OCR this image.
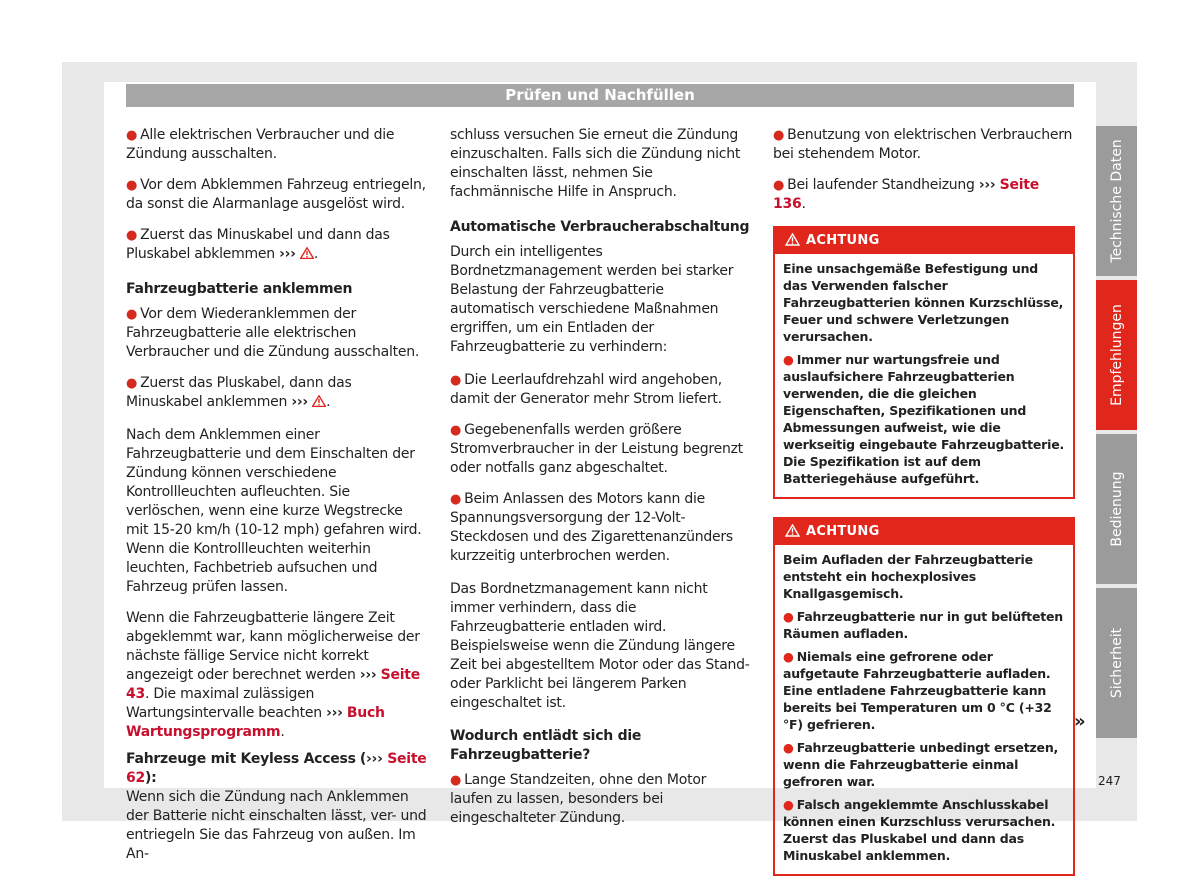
Prüfen und Nachfüllen

● Alle elektrischen Verbraucher und die Zündung ausschalten.

● Vor dem Abklemmen Fahrzeug entriegeln, da sonst die Alarmanlage ausgelöst wird.

● Zuerst das Minuskabel und dann das Pluskabel abklemmen ››› .

Fahrzeugbatterie anklemmen

● Vor dem Wiederanklemmen der Fahrzeugbatterie alle elektrischen Verbraucher und die Zündung ausschalten.

● Zuerst das Pluskabel, dann das Minuskabel anklemmen ››› .

Nach dem Anklemmen einer Fahrzeugbatterie und dem Einschalten der Zündung können verschiedene Kontrollleuchten aufleuchten. Sie verlöschen, wenn eine kurze Wegstrecke mit 15-20 km/h (10-12 mph) gefahren wird. Wenn die Kontrollleuchten weiterhin leuchten, Fachbetrieb aufsuchen und Fahrzeug prüfen lassen.

Wenn die Fahrzeugbatterie längere Zeit abgeklemmt war, kann möglicherweise der nächste fällige Service nicht korrekt angezeigt oder berechnet werden ››› Seite 43. Die maximal zulässigen Wartungsintervalle beachten ››› Buch Wartungsprogramm.

Fahrzeuge mit Keyless Access (››› Seite 62):
Wenn sich die Zündung nach Anklemmen der Batterie nicht einschalten lässt, ver- und entriegeln Sie das Fahrzeug von außen. Im An-

schluss versuchen Sie erneut die Zündung einzuschalten. Falls sich die Zündung nicht einschalten lässt, nehmen Sie fachmännische Hilfe in Anspruch.

Automatische Verbraucherabschaltung

Durch ein intelligentes Bordnetzmanagement werden bei starker Belastung der Fahrzeugbatterie automatisch verschiedene Maßnahmen ergriffen, um ein Entladen der Fahrzeugbatterie zu verhindern:

● Die Leerlaufdrehzahl wird angehoben, damit der Generator mehr Strom liefert.

● Gegebenenfalls werden größere Stromverbraucher in der Leistung begrenzt oder notfalls ganz abgeschaltet.

● Beim Anlassen des Motors kann die Spannungsversorgung der 12-Volt-Steckdosen und des Zigarettenanzünders kurzzeitig unterbrochen werden.

Das Bordnetzmanagement kann nicht immer verhindern, dass die Fahrzeugbatterie entladen wird. Beispielsweise wenn die Zündung längere Zeit bei abgestelltem Motor oder das Stand- oder Parklicht bei längerem Parken eingeschaltet ist.

Wodurch entlädt sich die Fahrzeugbatterie?

● Lange Standzeiten, ohne den Motor laufen zu lassen, besonders bei eingeschalteter Zündung.

● Benutzung von elektrischen Verbrauchern bei stehendem Motor.

● Bei laufender Standheizung ››› Seite 136.

ACHTUNG

Eine unsachgemäße Befestigung und das Verwenden falscher Fahrzeugbatterien können Kurzschlüsse, Feuer und schwere Verletzungen verursachen.

● Immer nur wartungsfreie und auslaufsichere Fahrzeugbatterien verwenden, die die gleichen Eigenschaften, Spezifikationen und Abmessungen aufweist, wie die werkseitig eingebaute Fahrzeugbatterie. Die Spezifikation ist auf dem Batteriegehäuse aufgeführt.

ACHTUNG

Beim Aufladen der Fahrzeugbatterie entsteht ein hochexplosives Knallgasgemisch.

● Fahrzeugbatterie nur in gut belüfteten Räumen aufladen.

● Niemals eine gefrorene oder aufgetaute Fahrzeugbatterie aufladen. Eine entladene Fahrzeugbatterie kann bereits bei Temperaturen um 0 °C (+32 °F) gefrieren.

● Fahrzeugbatterie unbedingt ersetzen, wenn die Fahrzeugbatterie einmal gefroren war.

● Falsch angeklemmte Anschlusskabel können einen Kurzschluss verursachen. Zuerst das Pluskabel und dann das Minuskabel anklemmen.

»
Technische Daten
Empfehlungen
Bedienung
Sicherheit
247
